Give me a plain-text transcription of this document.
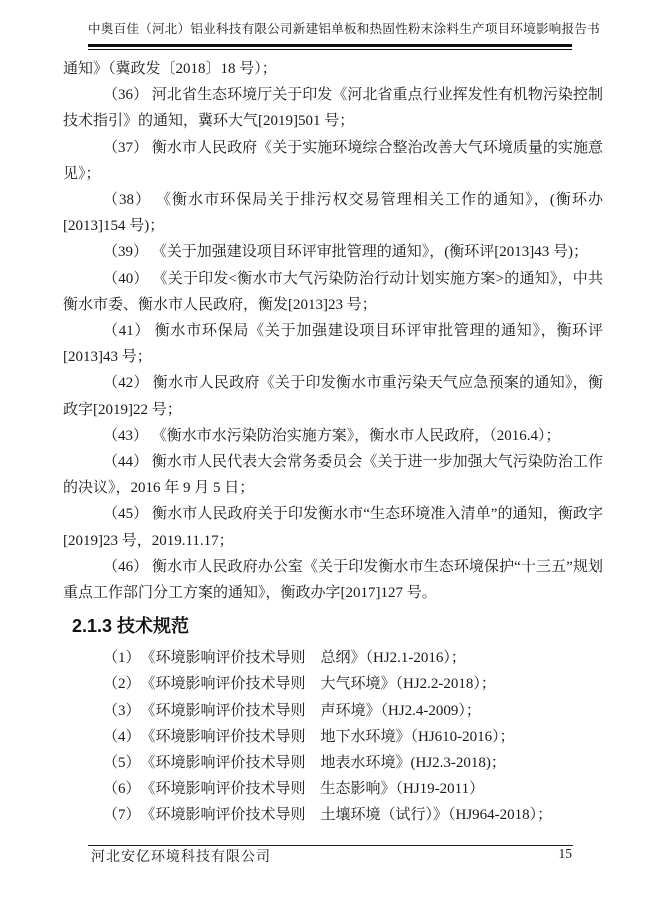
中奥百佳（河北）铝业科技有限公司新建铝单板和热固性粉末涂料生产项目环境影响报告书

通知》（冀政发〔2018〕18 号）；

（36） 河北省生态环境厅关于印发《河北省重点行业挥发性有机物污染控制技术指引》的通知，冀环大气[2019]501 号；

（37） 衡水市人民政府《关于实施环境综合整治改善大气环境质量的实施意见》；

（38） 《衡水市环保局关于排污权交易管理相关工作的通知》，(衡环办[2013]154 号)；

（39） 《关于加强建设项目环评审批管理的通知》，(衡环评[2013]43 号)；

（40） 《关于印发<衡水市大气污染防治行动计划实施方案>的通知》，中共衡水市委、衡水市人民政府，衡发[2013]23 号；

（41） 衡水市环保局《关于加强建设项目环评审批管理的通知》，衡环评[2013]43 号；

（42） 衡水市人民政府《关于印发衡水市重污染天气应急预案的通知》，衡政字[2019]22 号；

（43） 《衡水市水污染防治实施方案》，衡水市人民政府，（2016.4）；

（44） 衡水市人民代表大会常务委员会《关于进一步加强大气污染防治工作的决议》，2016 年 9 月 5 日；

（45） 衡水市人民政府关于印发衡水市“生态环境准入清单”的通知，衡政字[2019]23 号，2019.11.17；

（46） 衡水市人民政府办公室《关于印发衡水市生态环境保护“十三五”规划重点工作部门分工方案的通知》，衡政办字[2017]127 号。

2.1.3 技术规范
（1）　《环境影响评价技术导则　总纲》（HJ2.1-2016）；
（2）　《环境影响评价技术导则　大气环境》（HJ2.2-2018）；
（3）　《环境影响评价技术导则　声环境》（HJ2.4-2009）；
（4）　《环境影响评价技术导则　地下水环境》（HJ610-2016）；
（5）　《环境影响评价技术导则　地表水环境》(HJ2.3-2018)；
（6）　《环境影响评价技术导则　生态影响》（HJ19-2011）
（7）　《环境影响评价技术导则　土壤环境（试行）》（HJ964-2018）；
河北安亿环境科技有限公司	15
